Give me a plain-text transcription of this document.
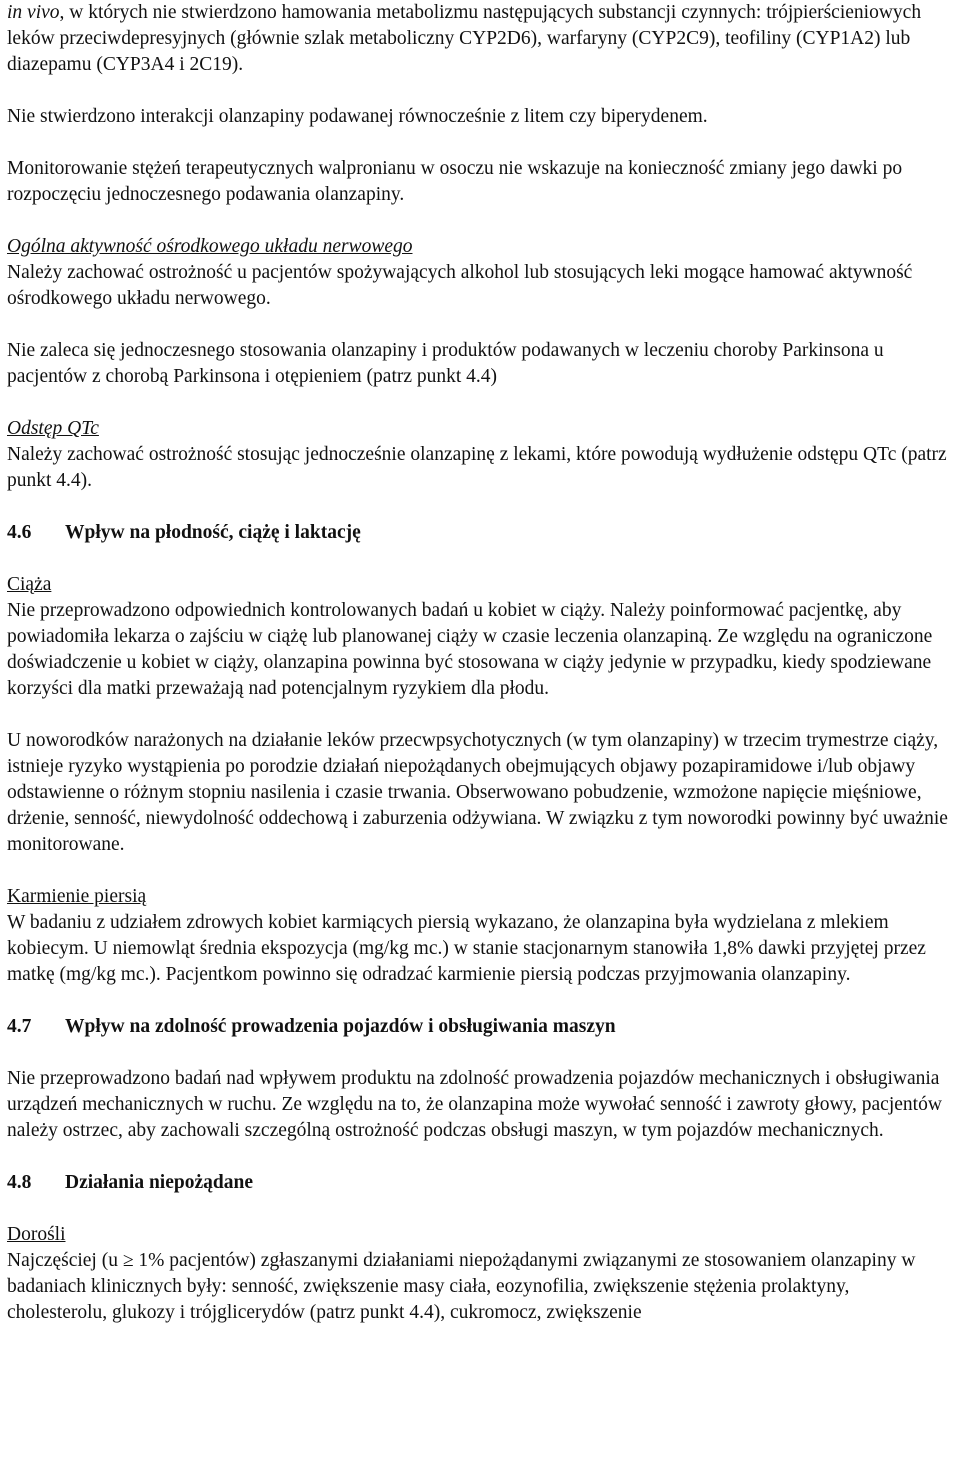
in vivo, w których nie stwierdzono hamowania metabolizmu następujących substancji czynnych: trójpierścieniowych leków przeciwdepresyjnych (głównie szlak metaboliczny CYP2D6), warfaryny (CYP2C9), teofiliny (CYP1A2) lub diazepamu (CYP3A4 i 2C19).

Nie stwierdzono interakcji olanzapiny podawanej równocześnie z litem czy biperydenem.

Monitorowanie stężeń terapeutycznych walpronianu w osoczu nie wskazuje na konieczność zmiany jego dawki po rozpoczęciu jednoczesnego podawania olanzapiny.

Ogólna aktywność ośrodkowego układu nerwowego

Należy zachować ostrożność u pacjentów spożywających alkohol lub stosujących leki mogące hamować aktywność ośrodkowego układu nerwowego.

Nie zaleca się jednoczesnego stosowania olanzapiny i produktów podawanych w leczeniu choroby Parkinsona u pacjentów z chorobą Parkinsona i otępieniem (patrz punkt 4.4)

Odstęp QTc

Należy zachować ostrożność stosując jednocześnie olanzapinę z lekami, które powodują wydłużenie odstępu QTc (patrz punkt 4.4).

4.6	Wpływ na płodność, ciążę i laktację

Ciąża

Nie przeprowadzono odpowiednich kontrolowanych badań u kobiet w ciąży. Należy poinformować pacjentkę, aby powiadomiła lekarza o zajściu w ciążę lub planowanej ciąży w czasie leczenia olanzapiną. Ze względu na ograniczone doświadczenie u kobiet w ciąży, olanzapina powinna być stosowana w ciąży jedynie w przypadku, kiedy spodziewane korzyści dla matki przeważają nad potencjalnym ryzykiem dla płodu.

U noworodków narażonych na działanie leków przecwpsychotycznych (w tym olanzapiny) w trzecim trymestrze ciąży, istnieje ryzyko wystąpienia po porodzie działań niepożądanych obejmujących objawy pozapiramidowe i/lub objawy odstawienne o różnym stopniu nasilenia i czasie trwania. Obserwowano pobudzenie, wzmożone napięcie mięśniowe, drżenie, senność, niewydolność oddechową i zaburzenia odżywiana. W związku z tym noworodki powinny być uważnie monitorowane.

Karmienie piersią

W badaniu z udziałem zdrowych kobiet karmiących piersią wykazano, że olanzapina była wydzielana z mlekiem kobiecym. U niemowląt średnia ekspozycja (mg/kg mc.) w stanie stacjonarnym stanowiła 1,8% dawki przyjętej przez matkę (mg/kg mc.). Pacjentkom powinno się odradzać karmienie piersią podczas przyjmowania olanzapiny.

4.7	Wpływ na zdolność prowadzenia pojazdów i obsługiwania maszyn

Nie przeprowadzono badań nad wpływem produktu na zdolność prowadzenia pojazdów mechanicznych i obsługiwania urządzeń mechanicznych w ruchu. Ze względu na to, że olanzapina może wywołać senność i zawroty głowy, pacjentów należy ostrzec, aby zachowali szczególną ostrożność podczas obsługi maszyn, w tym pojazdów mechanicznych.

4.8	Działania niepożądane

Dorośli

Najczęściej (u ≥ 1% pacjentów) zgłaszanymi działaniami niepożądanymi związanymi ze stosowaniem olanzapiny w badaniach klinicznych były: senność, zwiększenie masy ciała, eozynofilia, zwiększenie stężenia prolaktyny, cholesterolu, glukozy i trójglicerydów (patrz punkt 4.4), cukromocz, zwiększenie
